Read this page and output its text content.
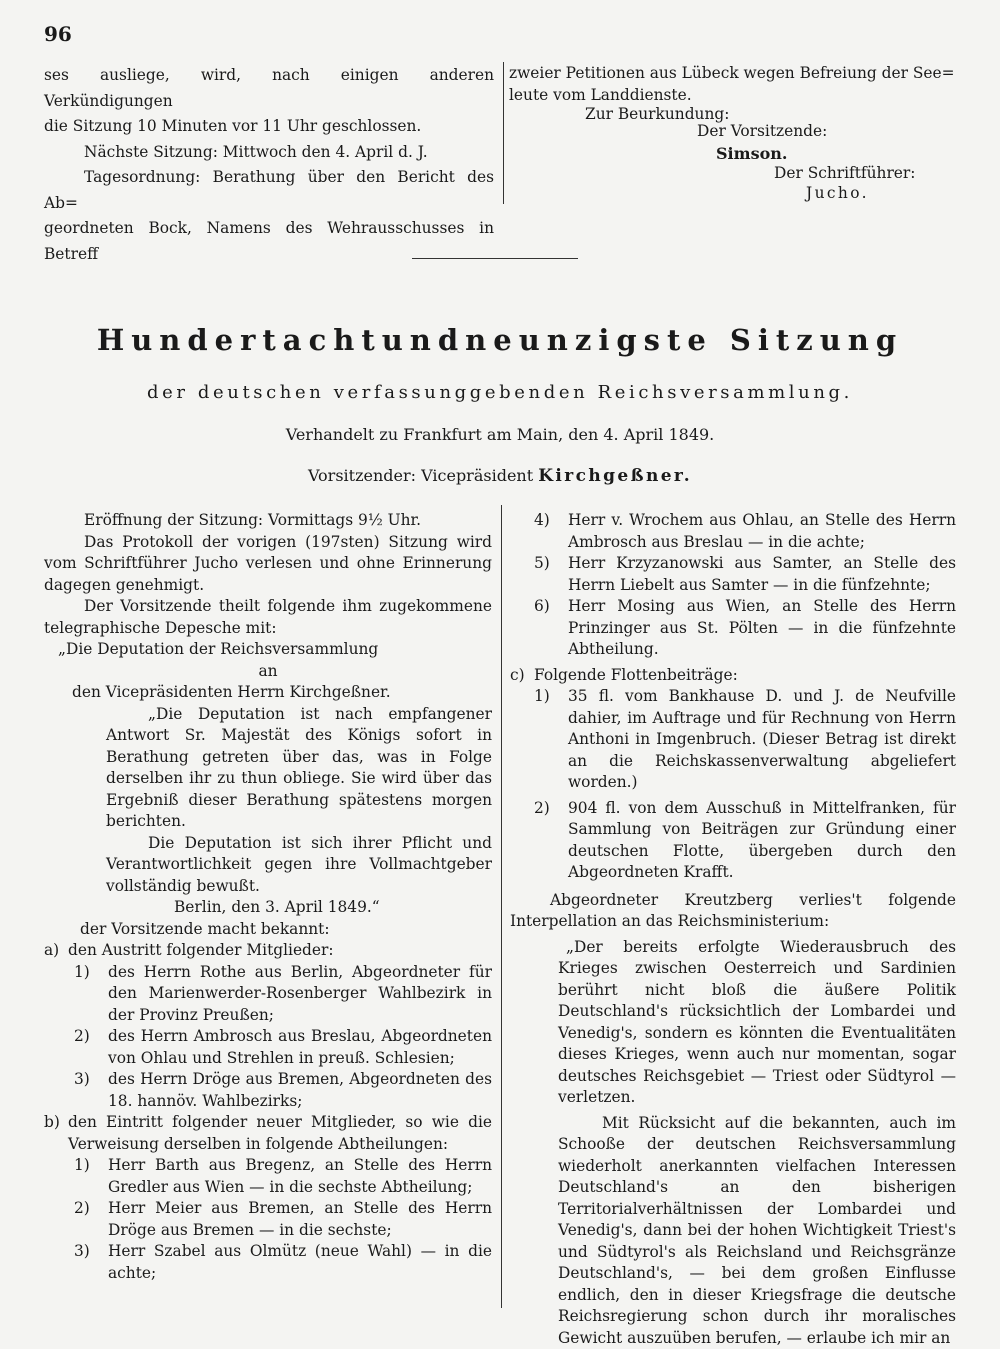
96

ses ausliege, wird, nach einigen anderen Verkündigungen

die Sitzung 10 Minuten vor 11 Uhr geschlossen.

Nächste Sitzung: Mittwoch den 4. April d. J.

Tagesordnung: Berathung über den Bericht des Ab=

geordneten Bock, Namens des Wehrausschusses in Betreff

zweier Petitionen aus Lübeck wegen Befreiung der See=

leute vom Landdienste.

Zur Beurkundung:
Der Vorsitzende:
Simson.
Der Schriftführer:
Jucho.
Hundertachtundneunzigste Sitzung
der deutschen verfassunggebenden Reichsversammlung.
Verhandelt zu Frankfurt am Main, den 4. April 1849.
Vorsitzender: Vicepräsident Kirchgeßner.

Eröffnung der Sitzung: Vormittags 9½ Uhr.

Das Protokoll der vorigen (197sten) Sitzung wird vom Schriftführer Jucho verlesen und ohne Erinnerung dagegen genehmigt.

Der Vorsitzende theilt folgende ihm zugekommene telegraphische Depesche mit:

„Die Deputation der Reichsversammlung

an

den Vicepräsidenten Herrn Kirchgeßner.

„Die Deputation ist nach empfangener Antwort Sr. Majestät des Königs sofort in Berathung getreten über das, was in Folge derselben ihr zu thun obliege. Sie wird über das Ergebniß dieser Berathung spätestens morgen berichten.

Die Deputation ist sich ihrer Pflicht und Verantwortlichkeit gegen ihre Vollmachtgeber vollständig bewußt.

Berlin, den 3. April 1849.“

der Vorsitzende macht bekannt:

a) den Austritt folgender Mitglieder:
1)	des Herrn Rothe aus Berlin, Abgeordneter für den Marienwerder-Rosenberger Wahlbezirk in der Provinz Preußen;
2)	des Herrn Ambrosch aus Breslau, Abgeordneten von Ohlau und Strehlen in preuß. Schlesien;
3)	des Herrn Dröge aus Bremen, Abgeordneten des 18. hannöv. Wahlbezirks;
b) den Eintritt folgender neuer Mitglieder, so wie die Verweisung derselben in folgende Abtheilungen:
1)	Herr Barth aus Bregenz, an Stelle des Herrn Gredler aus Wien — in die sechste Abtheilung;
2)	Herr Meier aus Bremen, an Stelle des Herrn Dröge aus Bremen — in die sechste;
3)	Herr Szabel aus Olmütz (neue Wahl) — in die achte;
4)	Herr v. Wrochem aus Ohlau, an Stelle des Herrn Ambrosch aus Breslau — in die achte;
5)	Herr Krzyzanowski aus Samter, an Stelle des Herrn Liebelt aus Samter — in die fünfzehnte;
6)	Herr Mosing aus Wien, an Stelle des Herrn Prinzinger aus St. Pölten — in die fünfzehnte Abtheilung.
c) Folgende Flottenbeiträge:
1)	35 fl. vom Bankhause D. und J. de Neufville dahier, im Auftrage und für Rechnung von Herrn Anthoni in Imgenbruch. (Dieser Betrag ist direkt an die Reichskassenverwaltung abgeliefert worden.)
2)	904 fl. von dem Ausschuß in Mittelfranken, für Sammlung von Beiträgen zur Gründung einer deutschen Flotte, übergeben durch den Abgeordneten Krafft.

Abgeordneter Kreutzberg verlies't folgende Interpellation an das Reichsministerium:

„Der bereits erfolgte Wiederausbruch des Krieges zwischen Oesterreich und Sardinien berührt nicht bloß die äußere Politik Deutschland's rücksichtlich der Lombardei und Venedig's, sondern es könnten die Eventualitäten dieses Krieges, wenn auch nur momentan, sogar deutsches Reichsgebiet — Triest oder Südtyrol — verletzen.

Mit Rücksicht auf die bekannten, auch im Schooße der deutschen Reichsversammlung wiederholt anerkannten vielfachen Interessen Deutschland's an den bisherigen Territorialverhältnissen der Lombardei und Venedig's, dann bei der hohen Wichtigkeit Triest's und Südtyrol's als Reichsland und Reichsgränze Deutschland's, — bei dem großen Einflusse endlich, den in dieser Kriegsfrage die deutsche Reichsregierung schon durch ihr moralisches Gewicht auszuüben berufen, — erlaube ich mir an
